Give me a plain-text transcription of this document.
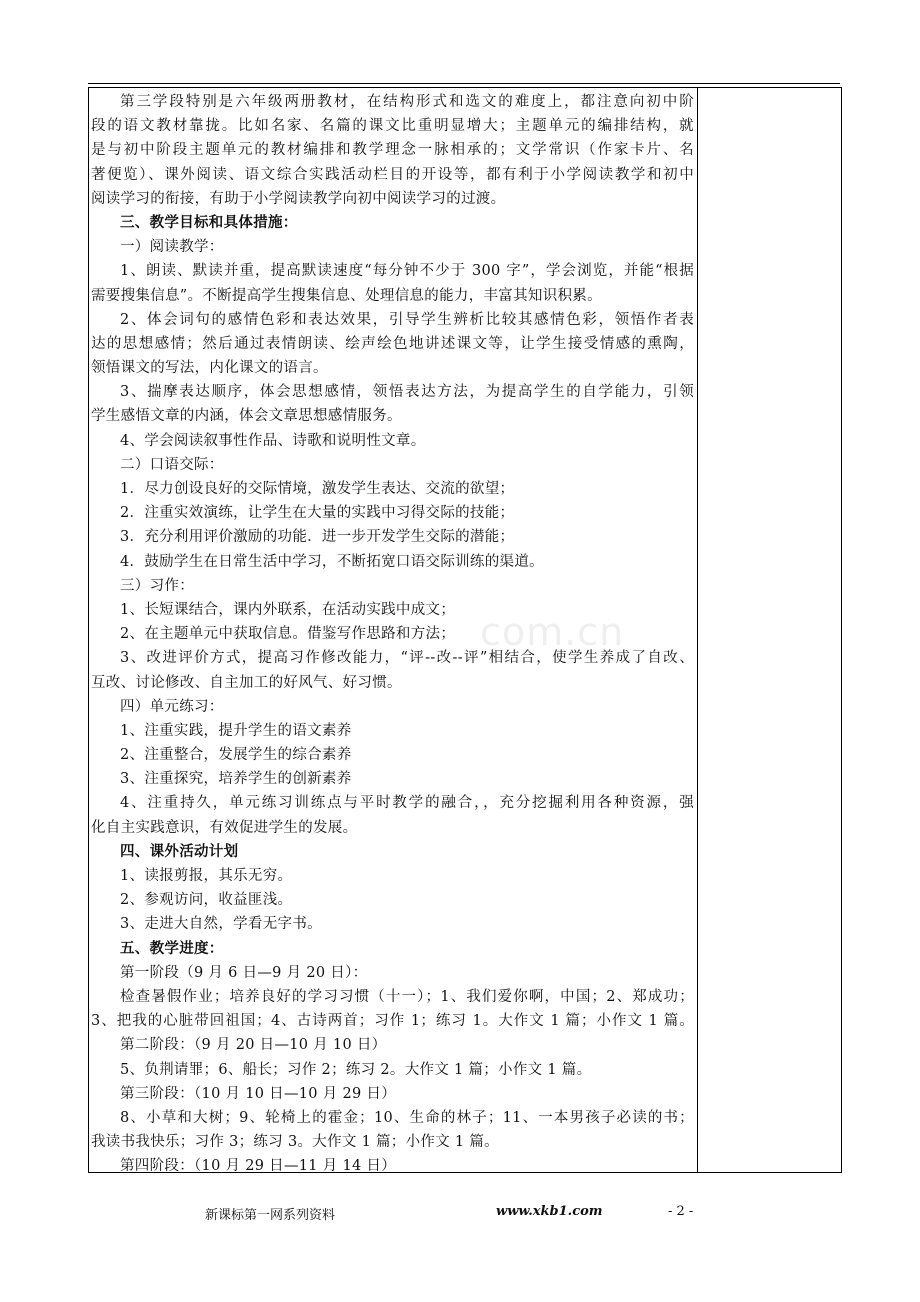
第三学段特别是六年级两册教材，在结构形式和选文的难度上，都注意向初中阶
段的语文教材靠拢。比如名家、名篇的课文比重明显增大；主题单元的编排结构，就
是与初中阶段主题单元的教材编排和教学理念一脉相承的；文学常识（作家卡片、名
著便览）、课外阅读、语文综合实践活动栏目的开设等，都有利于小学阅读教学和初中
阅读学习的衔接，有助于小学阅读教学向初中阅读学习的过渡。
三、教学目标和具体措施：
一）阅读教学：
1、朗读、默读并重，提高默读速度“每分钟不少于 300 字”，学会浏览，并能“根据
需要搜集信息”。不断提高学生搜集信息、处理信息的能力，丰富其知识积累。
2、体会词句的感情色彩和表达效果，引导学生辨析比较其感情色彩，领悟作者表
达的思想感情；然后通过表情朗读、绘声绘色地讲述课文等，让学生接受情感的熏陶，
领悟课文的写法，内化课文的语言。
3、揣摩表达顺序，体会思想感情，领悟表达方法，为提高学生的自学能力，引领
学生感悟文章的内涵，体会文章思想感情服务。
4、学会阅读叙事性作品、诗歌和说明性文章。
二）口语交际：
1．尽力创设良好的交际情境，激发学生表达、交流的欲望；
2．注重实效演练，让学生在大量的实践中习得交际的技能；
3．充分利用评价激励的功能．进一步开发学生交际的潜能；
4．鼓励学生在日常生活中学习，不断拓宽口语交际训练的渠道。
三）习作：
1、长短课结合，课内外联系，在活动实践中成文；
2、在主题单元中获取信息。借鉴写作思路和方法；
3、改进评价方式，提高习作修改能力，“评--改--评”相结合，使学生养成了自改、
互改、讨论修改、自主加工的好风气、好习惯。
四）单元练习：
1、注重实践，提升学生的语文素养
2、注重整合，发展学生的综合素养
3、注重探究，培养学生的创新素养
4、注重持久，单元练习训练点与平时教学的融合，，充分挖掘利用各种资源，强
化自主实践意识，有效促进学生的发展。
四、课外活动计划
1、读报剪报，其乐无穷。
2、参观访问，收益匪浅。
3、走进大自然，学看无字书。
五、教学进度：
第一阶段（9 月 6 日—9 月 20 日）：
检查暑假作业；培养良好的学习习惯（十一）；1、我们爱你啊，中国；2、郑成功；
3、把我的心脏带回祖国；4、古诗两首；习作 1；练习 1。大作文 1 篇；小作文 1 篇。
第二阶段：（9 月 20 日—10 月 10 日）
5、负荆请罪；6、船长；习作 2；练习 2。大作文 1 篇；小作文 1 篇。
第三阶段：（10 月 10 日—10 月 29 日）
8、小草和大树；9、轮椅上的霍金；10、生命的林子；11、一本男孩子必读的书；
我读书我快乐；习作 3；练习 3。大作文 1 篇；小作文 1 篇。
第四阶段：（10 月 29 日—11 月 14 日）
com.cn
新课标第一网系列资料	www.xkb1.com	- 2 -
